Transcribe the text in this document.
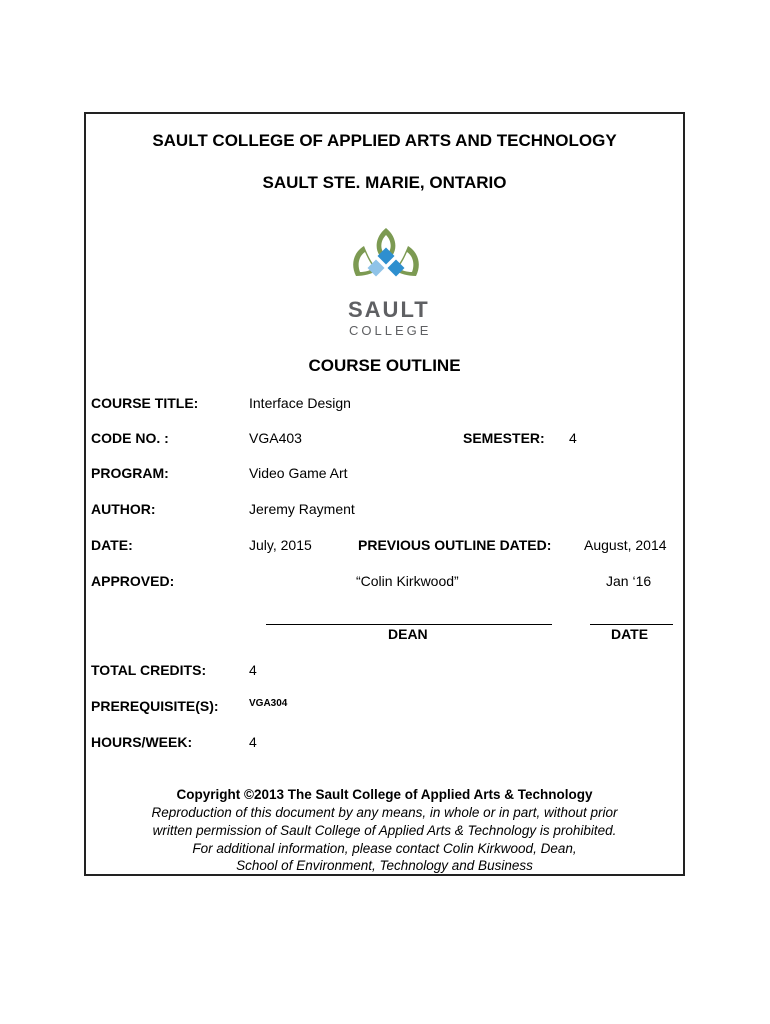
SAULT COLLEGE OF APPLIED ARTS AND TECHNOLOGY
SAULT STE. MARIE, ONTARIO
SAULT
COLLEGE
COURSE OUTLINE
COURSE TITLE:	Interface Design
CODE NO. :	VGA403	SEMESTER: 4
PROGRAM:	Video Game Art
AUTHOR:	Jeremy Rayment
DATE:	July, 2015	PREVIOUS OUTLINE DATED: August, 2014
APPROVED:	“Colin Kirkwood”	Jan ‘16
DEAN	DATE
TOTAL CREDITS:	4
PREREQUISITE(S):	VGA304
HOURS/WEEK:	4
Copyright ©2013 The Sault College of Applied Arts & Technology
Reproduction of this document by any means, in whole or in part, without prior
written permission of Sault College of Applied Arts & Technology is prohibited.
For additional information, please contact Colin Kirkwood, Dean,
School of Environment, Technology and Business
